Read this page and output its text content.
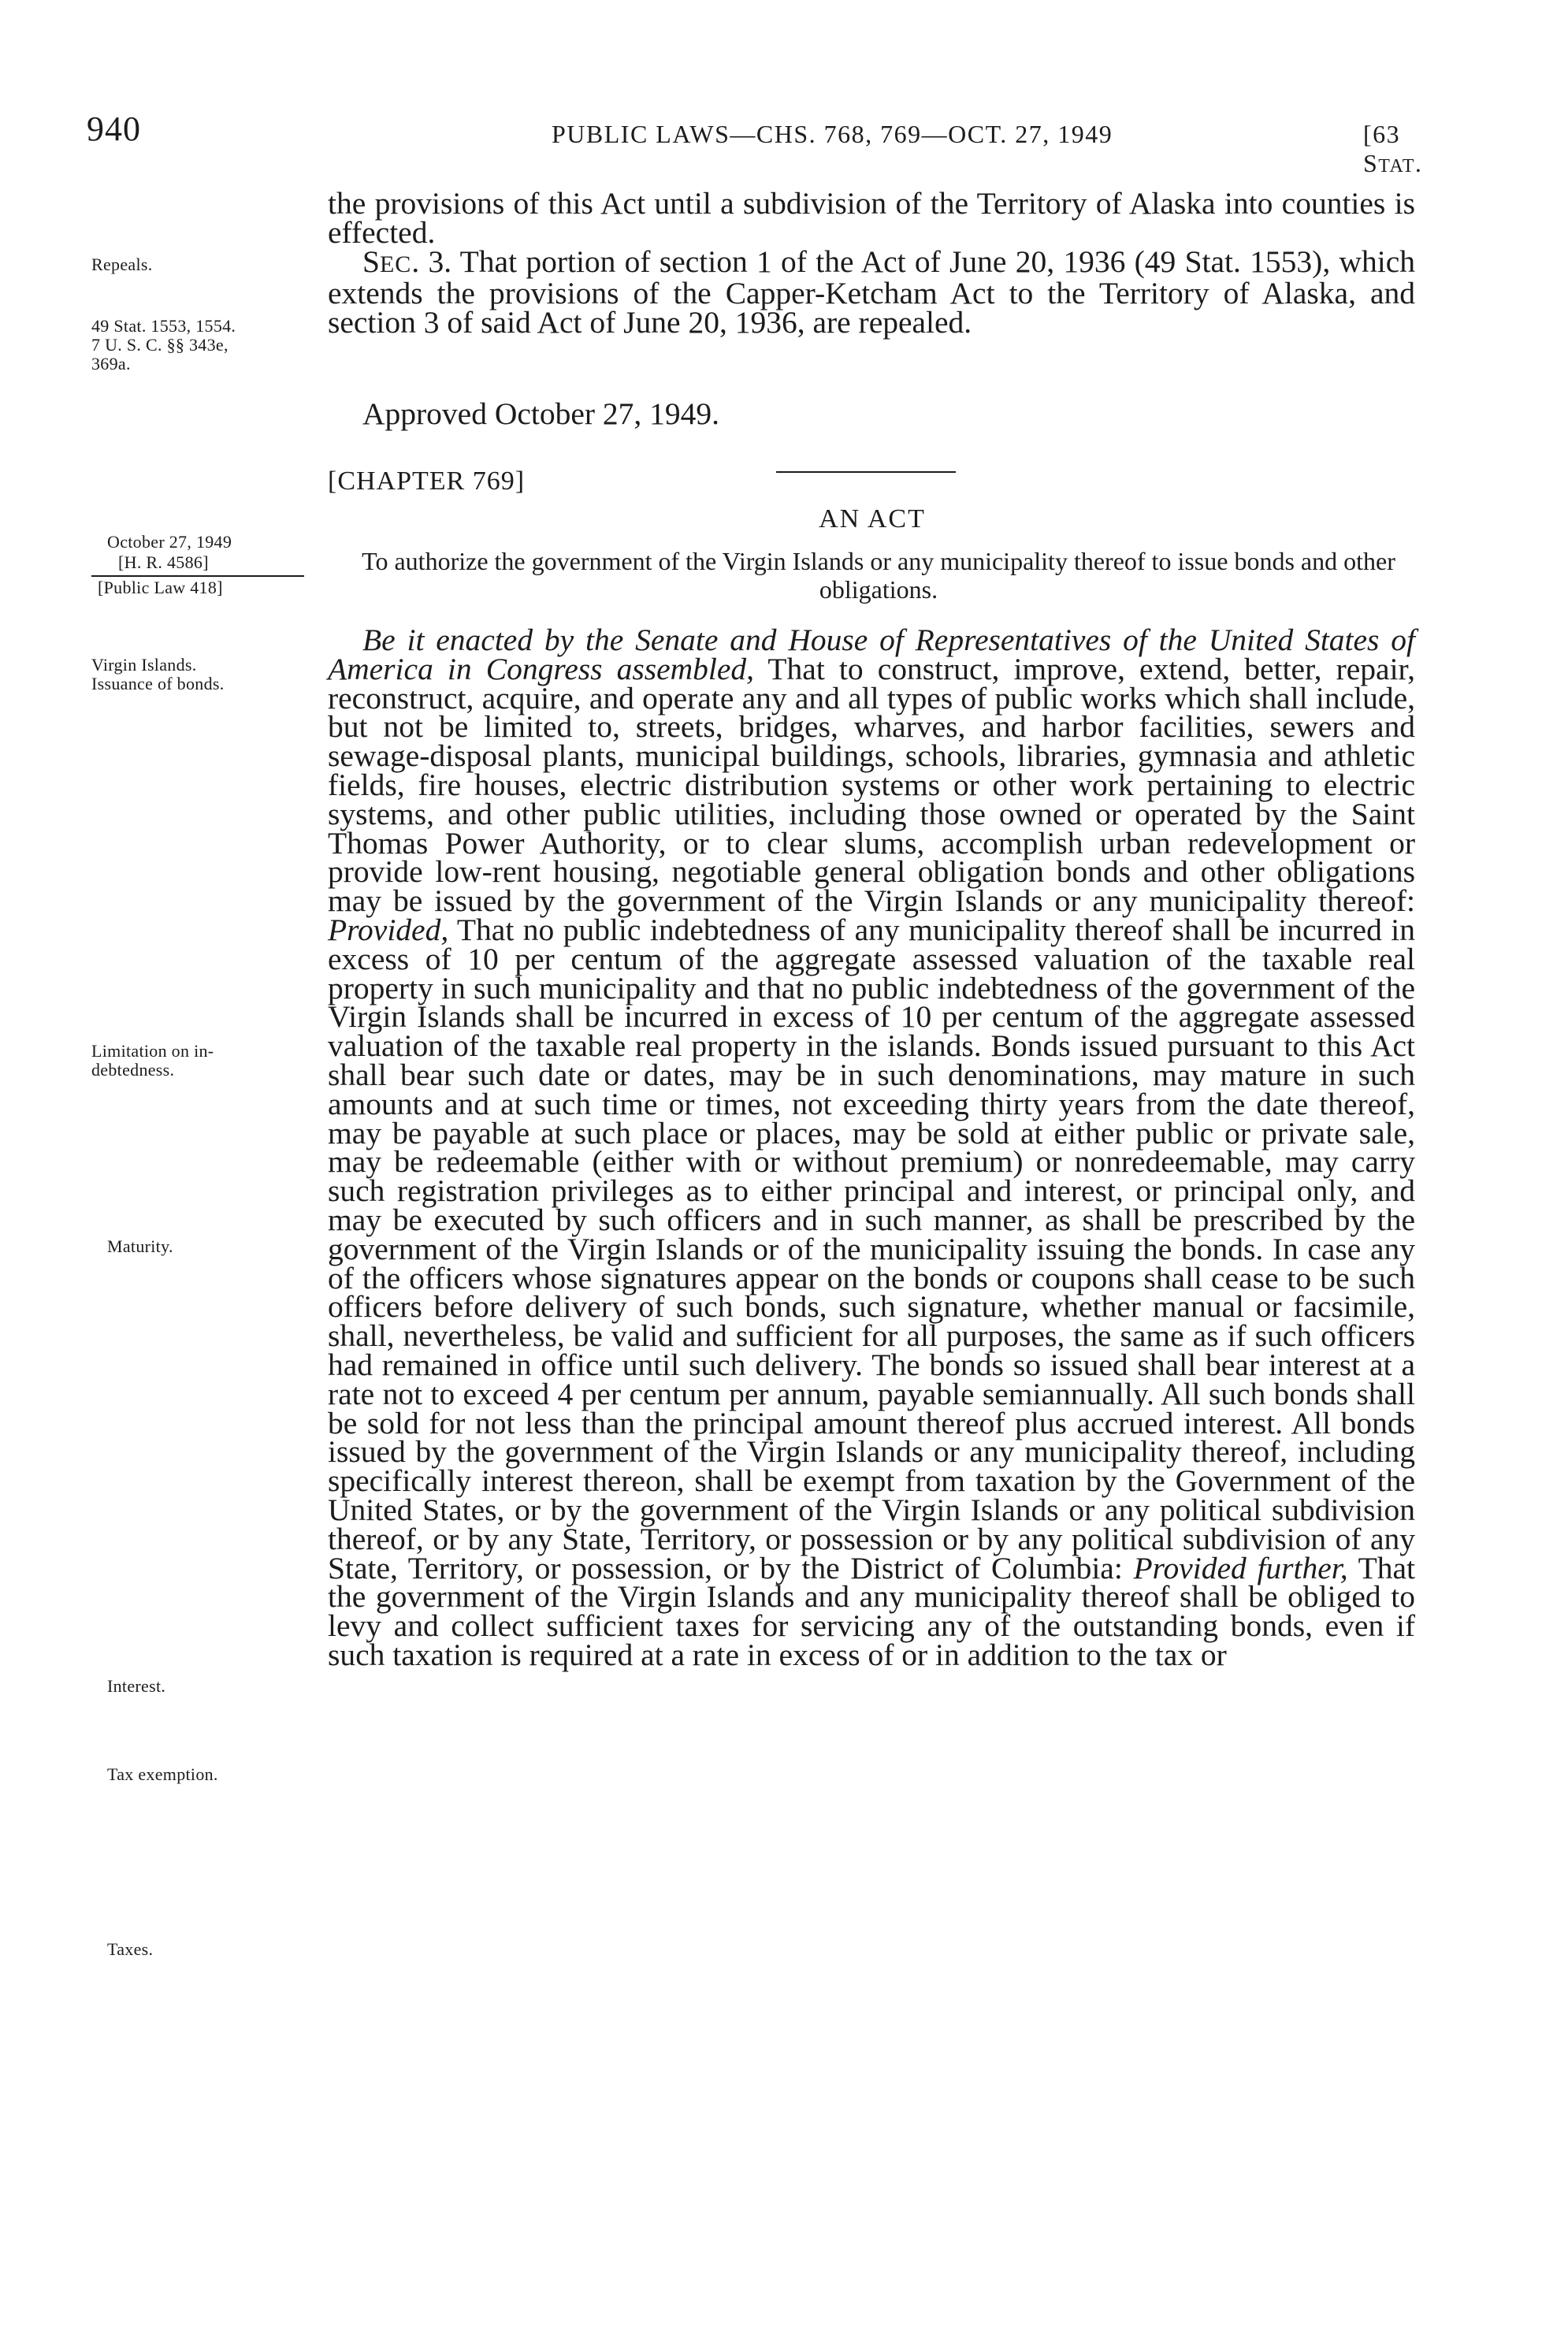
940	PUBLIC LAWS—CHS. 768, 769—OCT. 27, 1949	[63 STAT.

the provisions of this Act until a subdivision of the Territory of Alaska into counties is effected.

SEC. 3. That portion of section 1 of the Act of June 20, 1936 (49 Stat. 1553), which extends the provisions of the Capper-Ketcham Act to the Territory of Alaska, and section 3 of said Act of June 20, 1936, are repealed.

Approved October 27, 1949.
[CHAPTER 769]
AN ACT
To authorize the government of the Virgin Islands or any municipality thereof to issue bonds and other obligations.

Be it enacted by the Senate and House of Representatives of the United States of America in Congress assembled, That to construct, improve, extend, better, repair, reconstruct, acquire, and operate any and all types of public works which shall include, but not be limited to, streets, bridges, wharves, and harbor facilities, sewers and sewage-disposal plants, municipal buildings, schools, libraries, gymnasia and athletic fields, fire houses, electric distribution systems or other work pertaining to electric systems, and other public utilities, including those owned or operated by the Saint Thomas Power Authority, or to clear slums, accomplish urban redevelopment or provide low-rent housing, negotiable general obligation bonds and other obligations may be issued by the government of the Virgin Islands or any municipality thereof: Provided, That no public indebtedness of any municipality thereof shall be incurred in excess of 10 per centum of the aggregate assessed valuation of the taxable real property in such municipality and that no public indebtedness of the government of the Virgin Islands shall be incurred in excess of 10 per centum of the aggregate assessed valuation of the taxable real property in the islands. Bonds issued pursuant to this Act shall bear such date or dates, may be in such denominations, may mature in such amounts and at such time or times, not exceeding thirty years from the date thereof, may be payable at such place or places, may be sold at either public or private sale, may be redeemable (either with or without premium) or nonredeemable, may carry such registration privileges as to either principal and interest, or principal only, and may be executed by such officers and in such manner, as shall be prescribed by the government of the Virgin Islands or of the municipality issuing the bonds. In case any of the officers whose signatures appear on the bonds or coupons shall cease to be such officers before delivery of such bonds, such signature, whether manual or facsimile, shall, nevertheless, be valid and sufficient for all purposes, the same as if such officers had remained in office until such delivery. The bonds so issued shall bear interest at a rate not to exceed 4 per centum per annum, payable semiannually. All such bonds shall be sold for not less than the principal amount thereof plus accrued interest. All bonds issued by the government of the Virgin Islands or any municipality thereof, including specifically interest thereon, shall be exempt from taxation by the Government of the United States, or by the government of the Virgin Islands or any political subdivision thereof, or by any State, Territory, or possession or by any political subdivision of any State, Territory, or possession, or by the District of Columbia: Provided further, That the government of the Virgin Islands and any municipality thereof shall be obliged to levy and collect sufficient taxes for servicing any of the outstanding bonds, even if such taxation is required at a rate in excess of or in addition to the tax or

Repeals.
49 Stat. 1553, 1554.
7 U. S. C. §§ 343e,
369a.
October 27, 1949
[H. R. 4586]
[Public Law 418]
Virgin Islands.
Issuance of bonds.
Limitation on in-
debtedness.
Maturity.
Interest.
Tax exemption.
Taxes.
